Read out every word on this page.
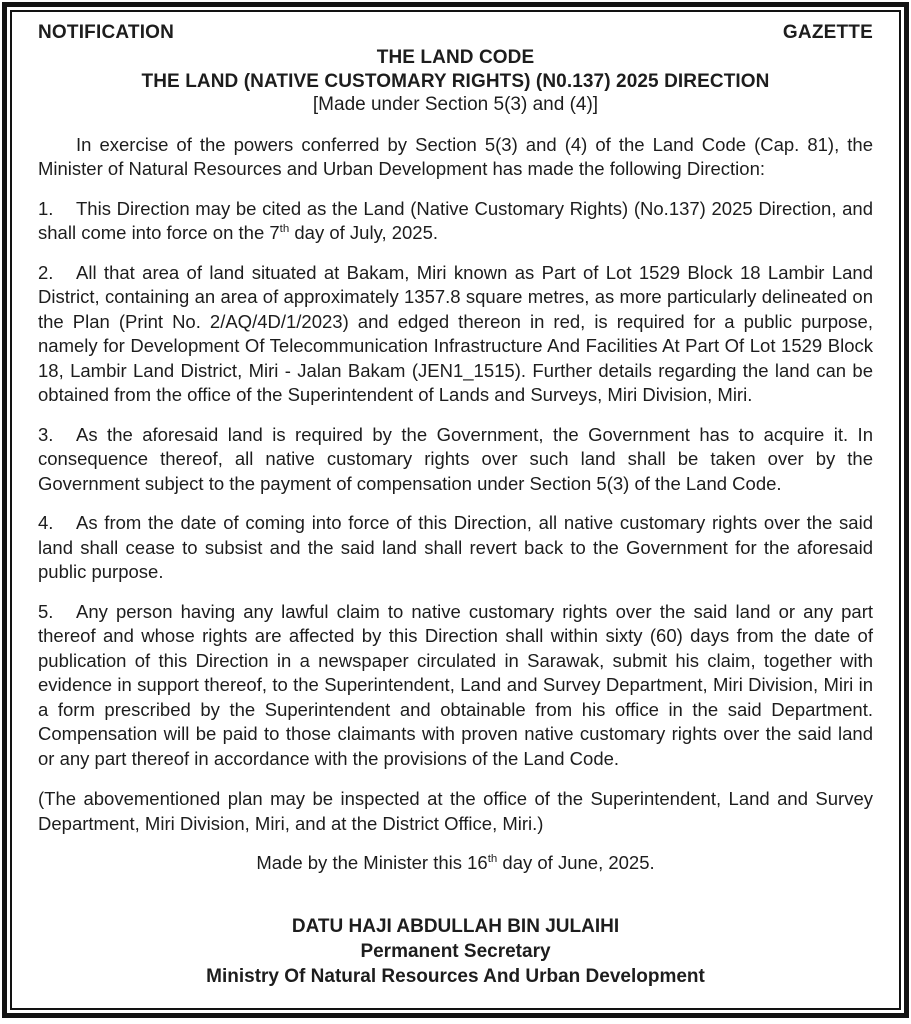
NOTIFICATION	GAZETTE
THE LAND CODE
THE LAND (NATIVE CUSTOMARY RIGHTS) (N0.137) 2025 DIRECTION
[Made under Section 5(3) and (4)]

In exercise of the powers conferred by Section 5(3) and (4) of the Land Code (Cap. 81), the Minister of Natural Resources and Urban Development has made the following Direction:

1. This Direction may be cited as the Land (Native Customary Rights) (No.137) 2025 Direction, and shall come into force on the 7th day of July, 2025.

2. All that area of land situated at Bakam, Miri known as Part of Lot 1529 Block 18 Lambir Land District, containing an area of approximately 1357.8 square metres, as more particularly delineated on the Plan (Print No. 2/AQ/4D/1/2023) and edged thereon in red, is required for a public purpose, namely for Development Of Telecommunication Infrastructure And Facilities At Part Of Lot 1529 Block 18, Lambir Land District, Miri - Jalan Bakam (JEN1_1515). Further details regarding the land can be obtained from the office of the Superintendent of Lands and Surveys, Miri Division, Miri.

3. As the aforesaid land is required by the Government, the Government has to acquire it. In consequence thereof, all native customary rights over such land shall be taken over by the Government subject to the payment of compensation under Section 5(3) of the Land Code.

4. As from the date of coming into force of this Direction, all native customary rights over the said land shall cease to subsist and the said land shall revert back to the Government for the aforesaid public purpose.

5. Any person having any lawful claim to native customary rights over the said land or any part thereof and whose rights are affected by this Direction shall within sixty (60) days from the date of publication of this Direction in a newspaper circulated in Sarawak, submit his claim, together with evidence in support thereof, to the Superintendent, Land and Survey Department, Miri Division, Miri in a form prescribed by the Superintendent and obtainable from his office in the said Department. Compensation will be paid to those claimants with proven native customary rights over the said land or any part thereof in accordance with the provisions of the Land Code.

(The abovementioned plan may be inspected at the office of the Superintendent, Land and Survey Department, Miri Division, Miri, and at the District Office, Miri.)

Made by the Minister this 16th day of June, 2025.
DATU HAJI ABDULLAH BIN JULAIHI
Permanent Secretary
Ministry Of Natural Resources And Urban Development
